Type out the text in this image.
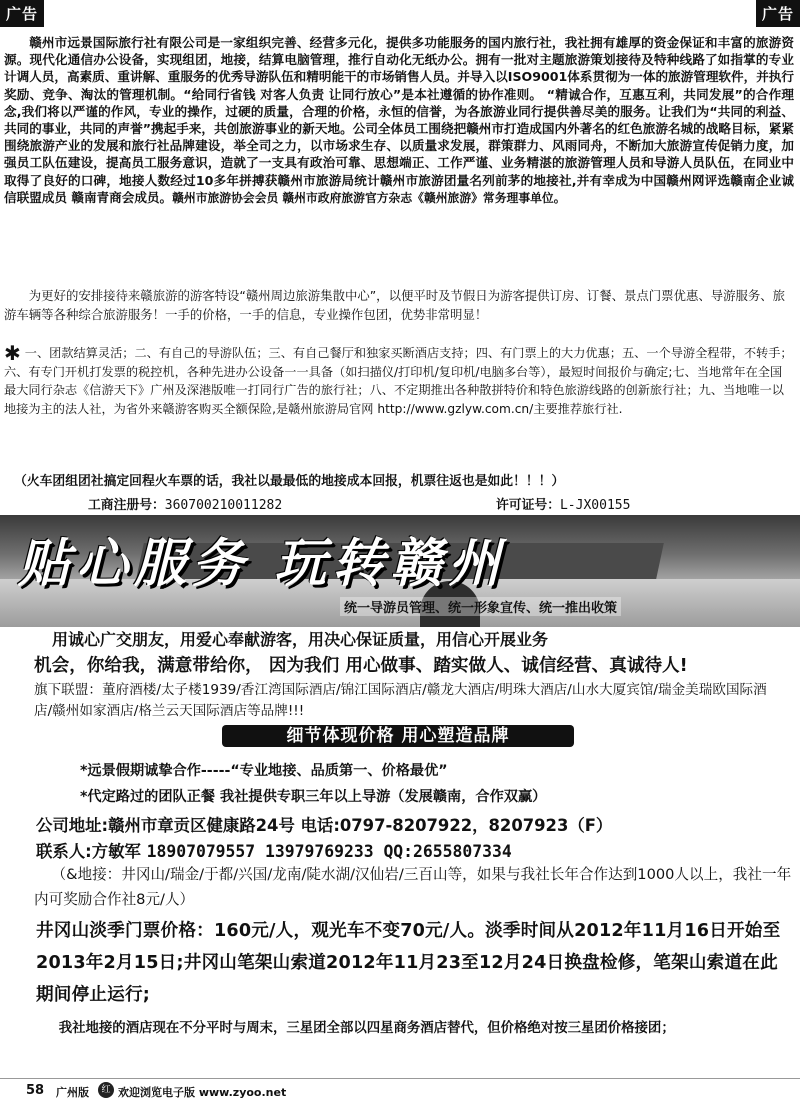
广告	广告

赣州市远景国际旅行社有限公司是一家组织完善、经营多元化，提供多功能服务的国内旅行社，我社拥有雄厚的资金保证和丰富的旅游资源。现代化通信办公设备，实现组团，地接，结算电脑管理，推行自动化无纸办公。拥有一批对主题旅游策划接待及特种线路了如指掌的专业计调人员，高素质、重讲解、重服务的优秀导游队伍和精明能干的市场销售人员。并导入以ISO9001体系贯彻为一体的旅游管理软件，并执行奖励、竞争、淘汰的管理机制。“给同行省钱 对客人负责 让同行放心”是本社遵循的协作准则。 “精诚合作，互惠互利，共同发展”的合作理念,我们将以严谨的作风，专业的操作，过硬的质量，合理的价格，永恒的信誉，为各旅游业同行提供善尽美的服务。让我们为“共同的利益、共同的事业，共同的声誉”携起手来，共创旅游事业的新天地。公司全体员工围绕把赣州市打造成国内外著名的红色旅游名城的战略目标，紧紧围绕旅游产业的发展和旅行社品牌建设，举全司之力，以市场求生存、以质量求发展，群策群力、风雨同舟，不断加大旅游宣传促销力度，加强员工队伍建设，提高员工服务意识，造就了一支具有政治可靠、思想端正、工作严谨、业务精湛的旅游管理人员和导游人员队伍，在同业中取得了良好的口碑，地接人数经过10多年拼搏获赣州市旅游局统计赣州市旅游团量名列前茅的地接社,并有幸成为中国赣州网评选赣南企业诚信联盟成员 赣南青商会成员。赣州市旅游协会会员 赣州市政府旅游官方杂志《赣州旅游》常务理事单位。

为更好的安排接待来赣旅游的游客特设“赣州周边旅游集散中心”，以便平时及节假日为游客提供订房、订餐、景点门票优惠、导游服务、旅游车辆等各种综合旅游服务！一手的价格，一手的信息，专业操作包团，优势非常明显！

✱ 一、团款结算灵活；二、有自己的导游队伍；三、有自己餐厅和独家买断酒店支持；四、有门票上的大力优惠；五、一个导游全程带，不转手；六、有专门开机打发票的税控机，各种先进办公设备一一具备（如扫描仪/打印机/复印机/电脑多台等），最短时间报价与确定;七、当地常年在全国最大同行杂志《信游天下》广州及深港版唯一打同行广告的旅行社；八、不定期推出各种散拼特价和特色旅游线路的创新旅行社；九、当地唯一以地接为主的法人社，为省外来赣游客购买全额保险,是赣州旅游局官网 http://www.gzlyw.com.cn/主要推荐旅行社.

（火车团组团社搞定回程火车票的话，我社以最最低的地接成本回报，机票往返也是如此！！！）

工商注册号：360700210011282	许可证号：L-JX00155
贴心服务 玩转赣州
统一导游员管理、统一形象宣传、统一推出收策
用诚心广交朋友，用爱心奉献游客，用决心保证质量，用信心开展业务
机会，你给我，满意带给你， 因为我们 用心做事、踏实做人、诚信经营、真诚待人!

旗下联盟：董府酒楼/太子楼1939/香江湾国际酒店/锦江国际酒店/赣龙大酒店/明珠大酒店/山水大厦宾馆/瑞金美瑞欧国际酒店/赣州如家酒店/格兰云天国际酒店等品牌!!!

细节体现价格 用心塑造品牌
*远景假期诚挚合作-----“专业地接、品质第一、价格最优”
*代定路过的团队正餐 我社提供专职三年以上导游（发展赣南，合作双赢）
公司地址:赣州市章贡区健康路24号 电话:0797-8207922，8207923（F）
联系人:方敏军 18907079557 13979769233 QQ:2655807334

（&地接：井冈山/瑞金/于都/兴国/龙南/陡水湖/汉仙岩/三百山等，如果与我社长年合作达到1000人以上，我社一年内可奖励合作社8元/人）

井冈山淡季门票价格：160元/人，观光车不变70元/人。淡季时间从2012年11月16日开始至2013年2月15日;井冈山笔架山索道2012年11月23至12月24日换盘检修，笔架山索道在此期间停止运行;

我社地接的酒店现在不分平时与周末，三星团全部以四星商务酒店替代，但价格绝对按三星团价格接团；

58 广州版	红 欢迎浏览电子版 www.zyoo.net
